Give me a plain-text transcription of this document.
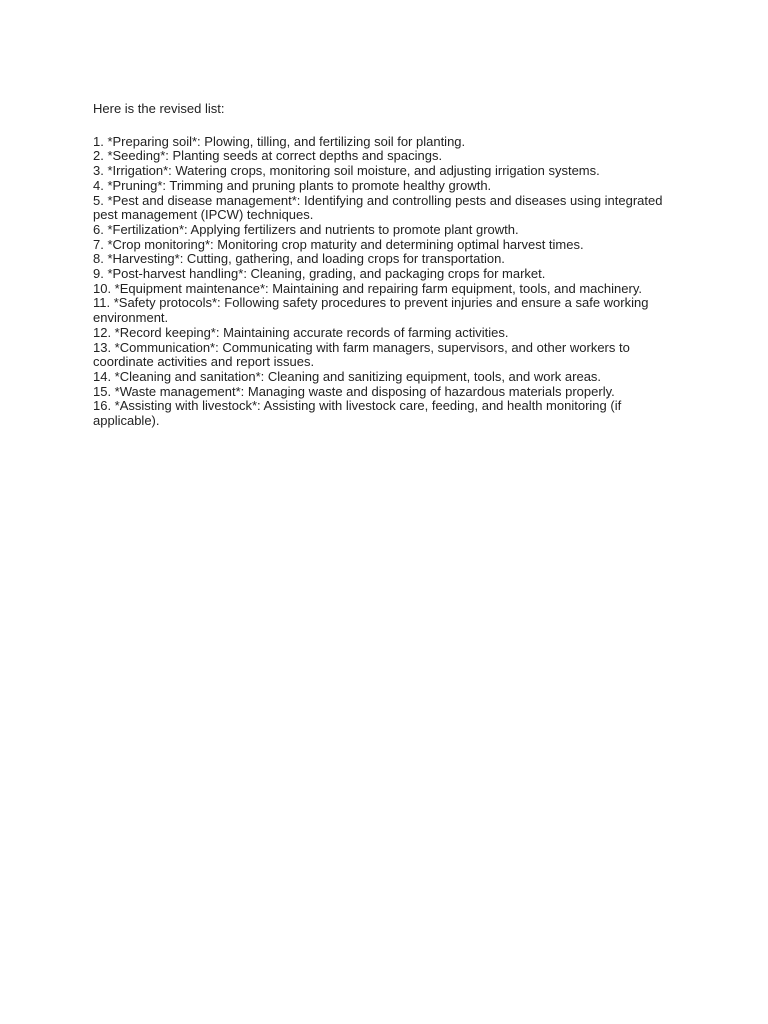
Here is the revised list:

1. *Preparing soil*: Plowing, tilling, and fertilizing soil for planting.
2. *Seeding*: Planting seeds at correct depths and spacings.
3. *Irrigation*: Watering crops, monitoring soil moisture, and adjusting irrigation systems.
4. *Pruning*: Trimming and pruning plants to promote healthy growth.
5. *Pest and disease management*: Identifying and controlling pests and diseases using integrated pest management (IPCW) techniques.
6. *Fertilization*: Applying fertilizers and nutrients to promote plant growth.
7. *Crop monitoring*: Monitoring crop maturity and determining optimal harvest times.
8. *Harvesting*: Cutting, gathering, and loading crops for transportation.
9. *Post-harvest handling*: Cleaning, grading, and packaging crops for market.
10. *Equipment maintenance*: Maintaining and repairing farm equipment, tools, and machinery.
11. *Safety protocols*: Following safety procedures to prevent injuries and ensure a safe working environment.
12. *Record keeping*: Maintaining accurate records of farming activities.
13. *Communication*: Communicating with farm managers, supervisors, and other workers to coordinate activities and report issues.
14. *Cleaning and sanitation*: Cleaning and sanitizing equipment, tools, and work areas.
15. *Waste management*: Managing waste and disposing of hazardous materials properly.
16. *Assisting with livestock*: Assisting with livestock care, feeding, and health monitoring (if applicable).
